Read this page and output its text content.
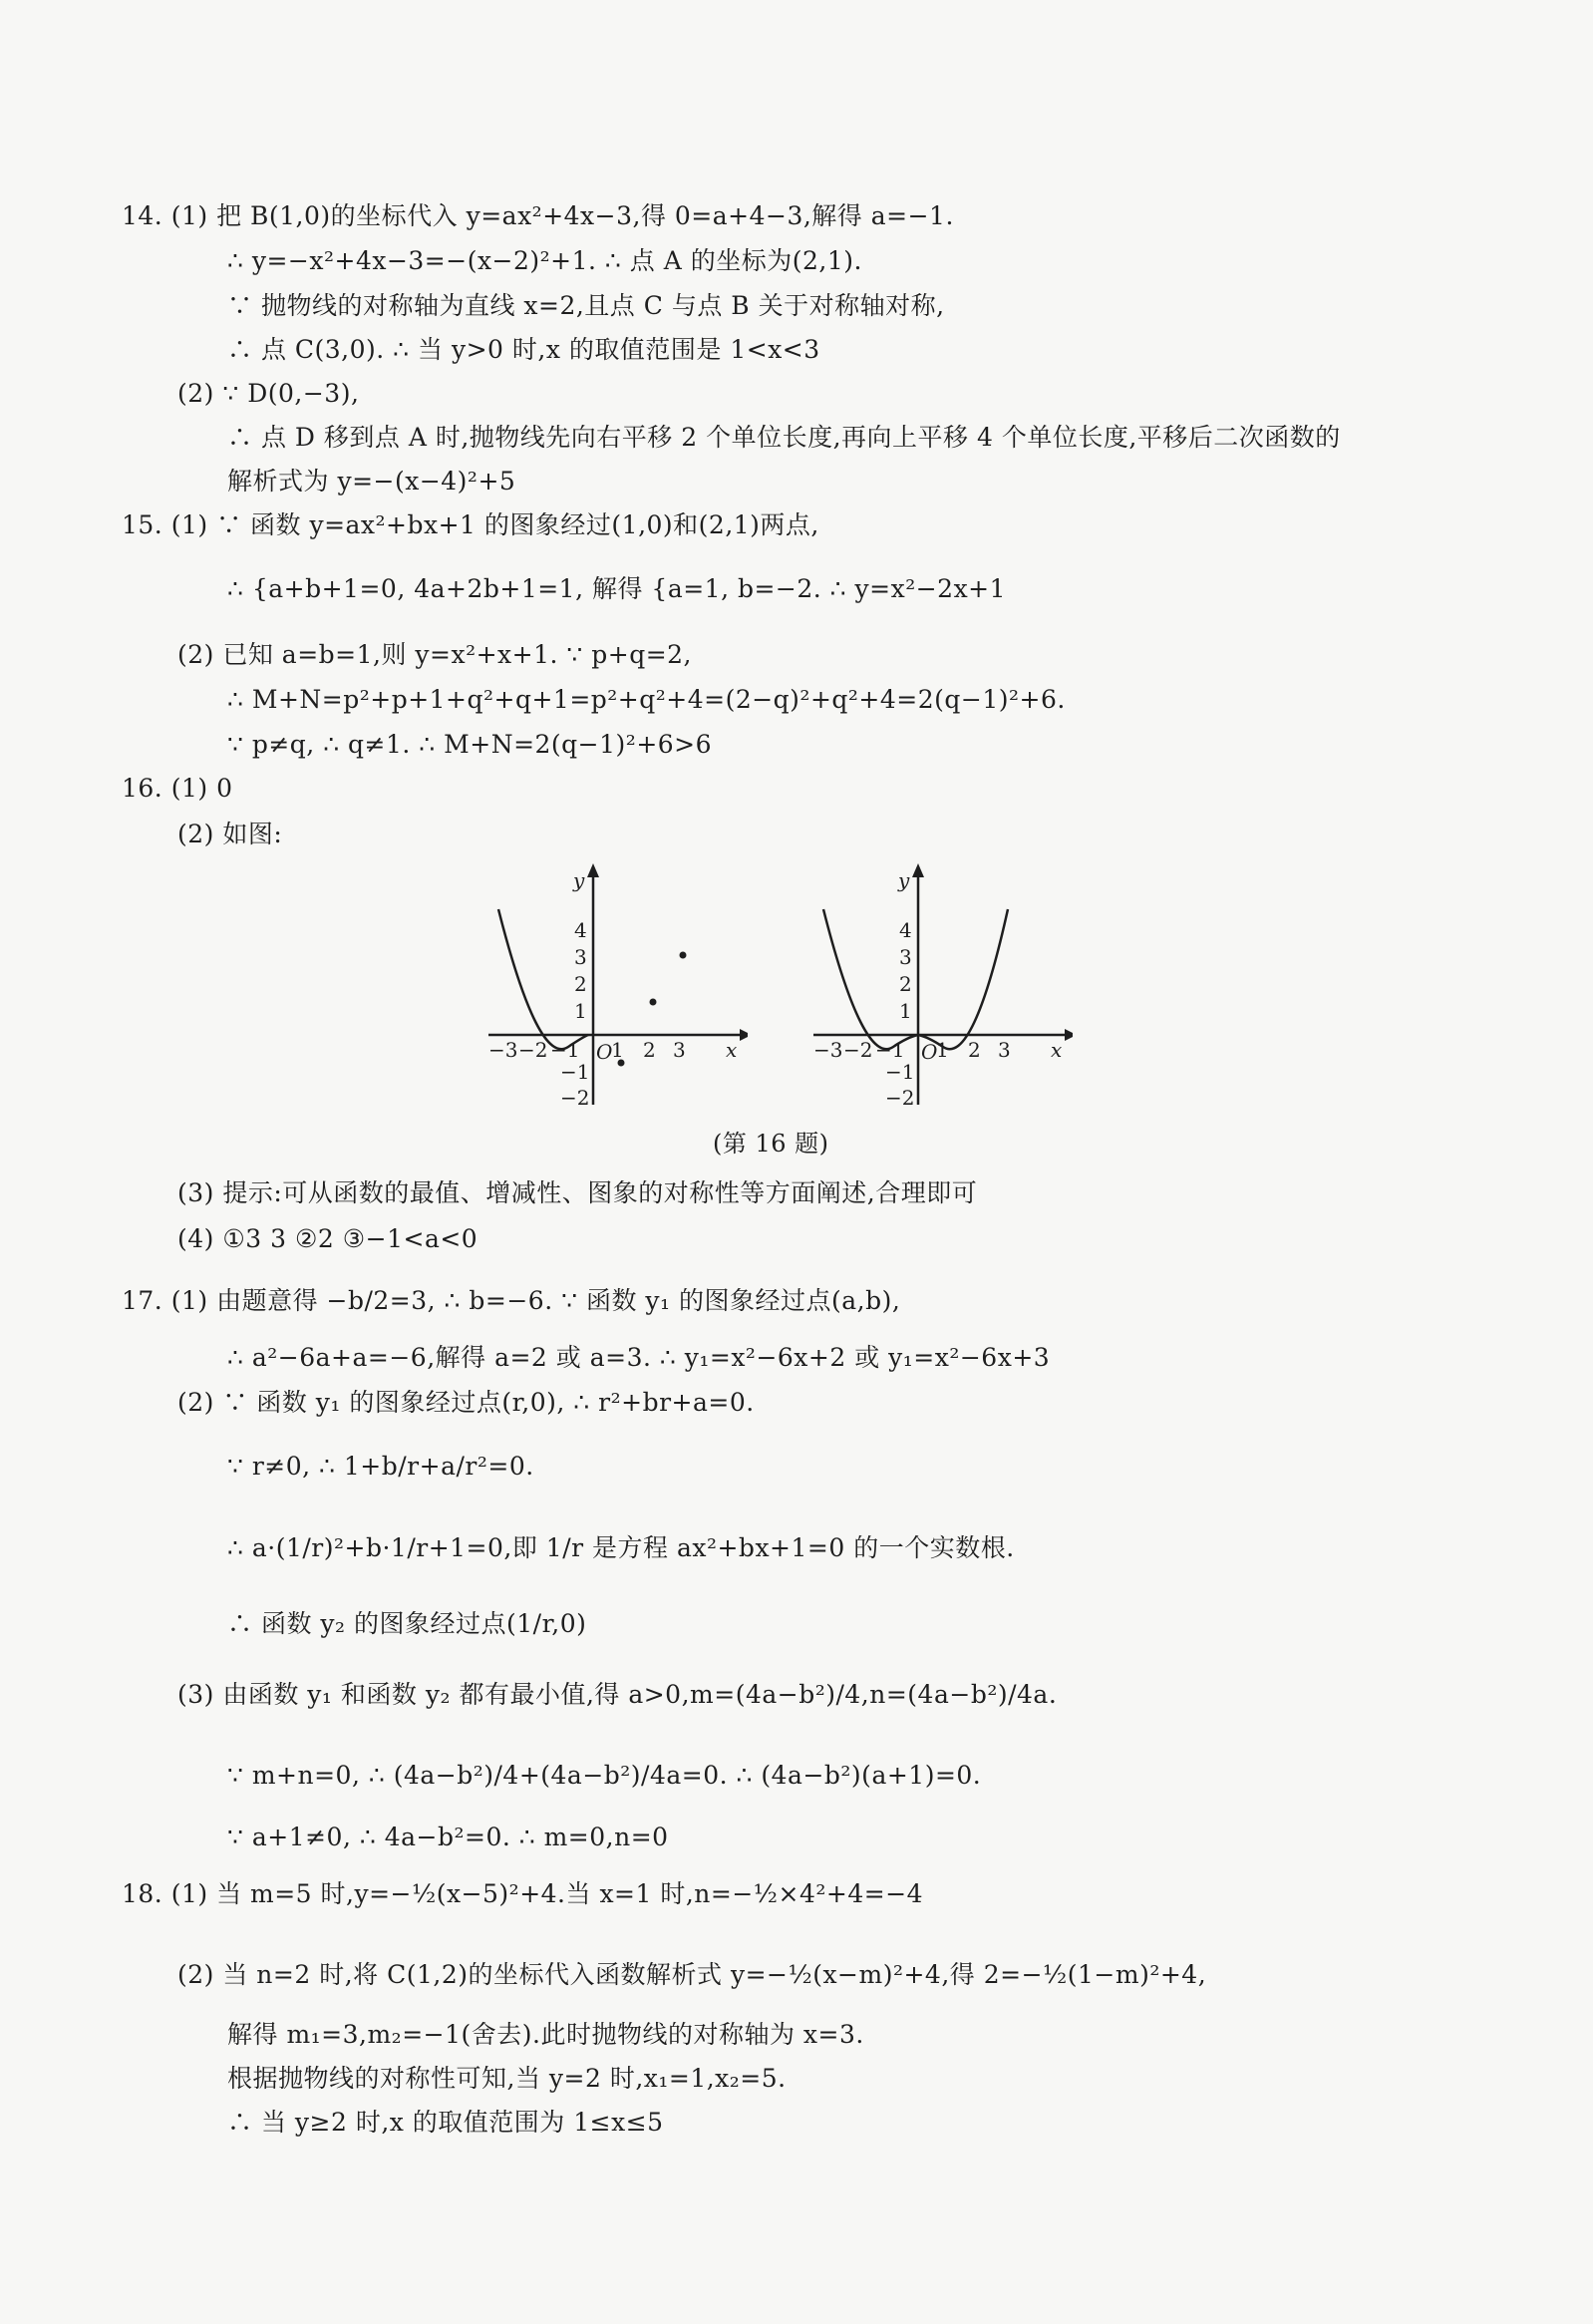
14. (1) 把 B(1,0)的坐标代入 y=ax²+4x−3,得 0=a+4−3,解得 a=−1.
∴ y=−x²+4x−3=−(x−2)²+1. ∴ 点 A 的坐标为(2,1).
∵ 抛物线的对称轴为直线 x=2,且点 C 与点 B 关于对称轴对称,
∴ 点 C(3,0). ∴ 当 y>0 时,x 的取值范围是 1<x<3
(2) ∵ D(0,−3),
∴ 点 D 移到点 A 时,抛物线先向右平移 2 个单位长度,再向上平移 4 个单位长度,平移后二次函数的
解析式为 y=−(x−4)²+5
15. (1) ∵ 函数 y=ax²+bx+1 的图象经过(1,0)和(2,1)两点,
∴ {a+b+1=0, 4a+2b+1=1, 解得 {a=1, b=−2. ∴ y=x²−2x+1
(2) 已知 a=b=1,则 y=x²+x+1. ∵ p+q=2,
∴ M+N=p²+p+1+q²+q+1=p²+q²+4=(2−q)²+q²+4=2(q−1)²+6.
∵ p≠q, ∴ q≠1. ∴ M+N=2(q−1)²+6>6
16. (1) 0
(2) 如图:
y
x
O
4
3
2
1
−1
−2
−3 −2 −1 1 2 3
y
x
O
4
3
2
1
−1
−2
−3 −2 −1 1 2 3
(第 16 题)
(3) 提示:可从函数的最值、增减性、图象的对称性等方面阐述,合理即可
(4) ①3 3 ②2 ③−1<a<0
17. (1) 由题意得 −b/2=3, ∴ b=−6. ∵ 函数 y₁ 的图象经过点(a,b),
∴ a²−6a+a=−6,解得 a=2 或 a=3. ∴ y₁=x²−6x+2 或 y₁=x²−6x+3
(2) ∵ 函数 y₁ 的图象经过点(r,0), ∴ r²+br+a=0.
∵ r≠0, ∴ 1+b/r+a/r²=0.
∴ a·(1/r)²+b·1/r+1=0,即 1/r 是方程 ax²+bx+1=0 的一个实数根.
∴ 函数 y₂ 的图象经过点(1/r,0)
(3) 由函数 y₁ 和函数 y₂ 都有最小值,得 a>0,m=(4a−b²)/4,n=(4a−b²)/4a.
∵ m+n=0, ∴ (4a−b²)/4+(4a−b²)/4a=0. ∴ (4a−b²)(a+1)=0.
∵ a+1≠0, ∴ 4a−b²=0. ∴ m=0,n=0
18. (1) 当 m=5 时,y=−½(x−5)²+4.当 x=1 时,n=−½×4²+4=−4
(2) 当 n=2 时,将 C(1,2)的坐标代入函数解析式 y=−½(x−m)²+4,得 2=−½(1−m)²+4,
解得 m₁=3,m₂=−1(舍去).此时抛物线的对称轴为 x=3.
根据抛物线的对称性可知,当 y=2 时,x₁=1,x₂=5.
∴ 当 y≥2 时,x 的取值范围为 1≤x≤5
